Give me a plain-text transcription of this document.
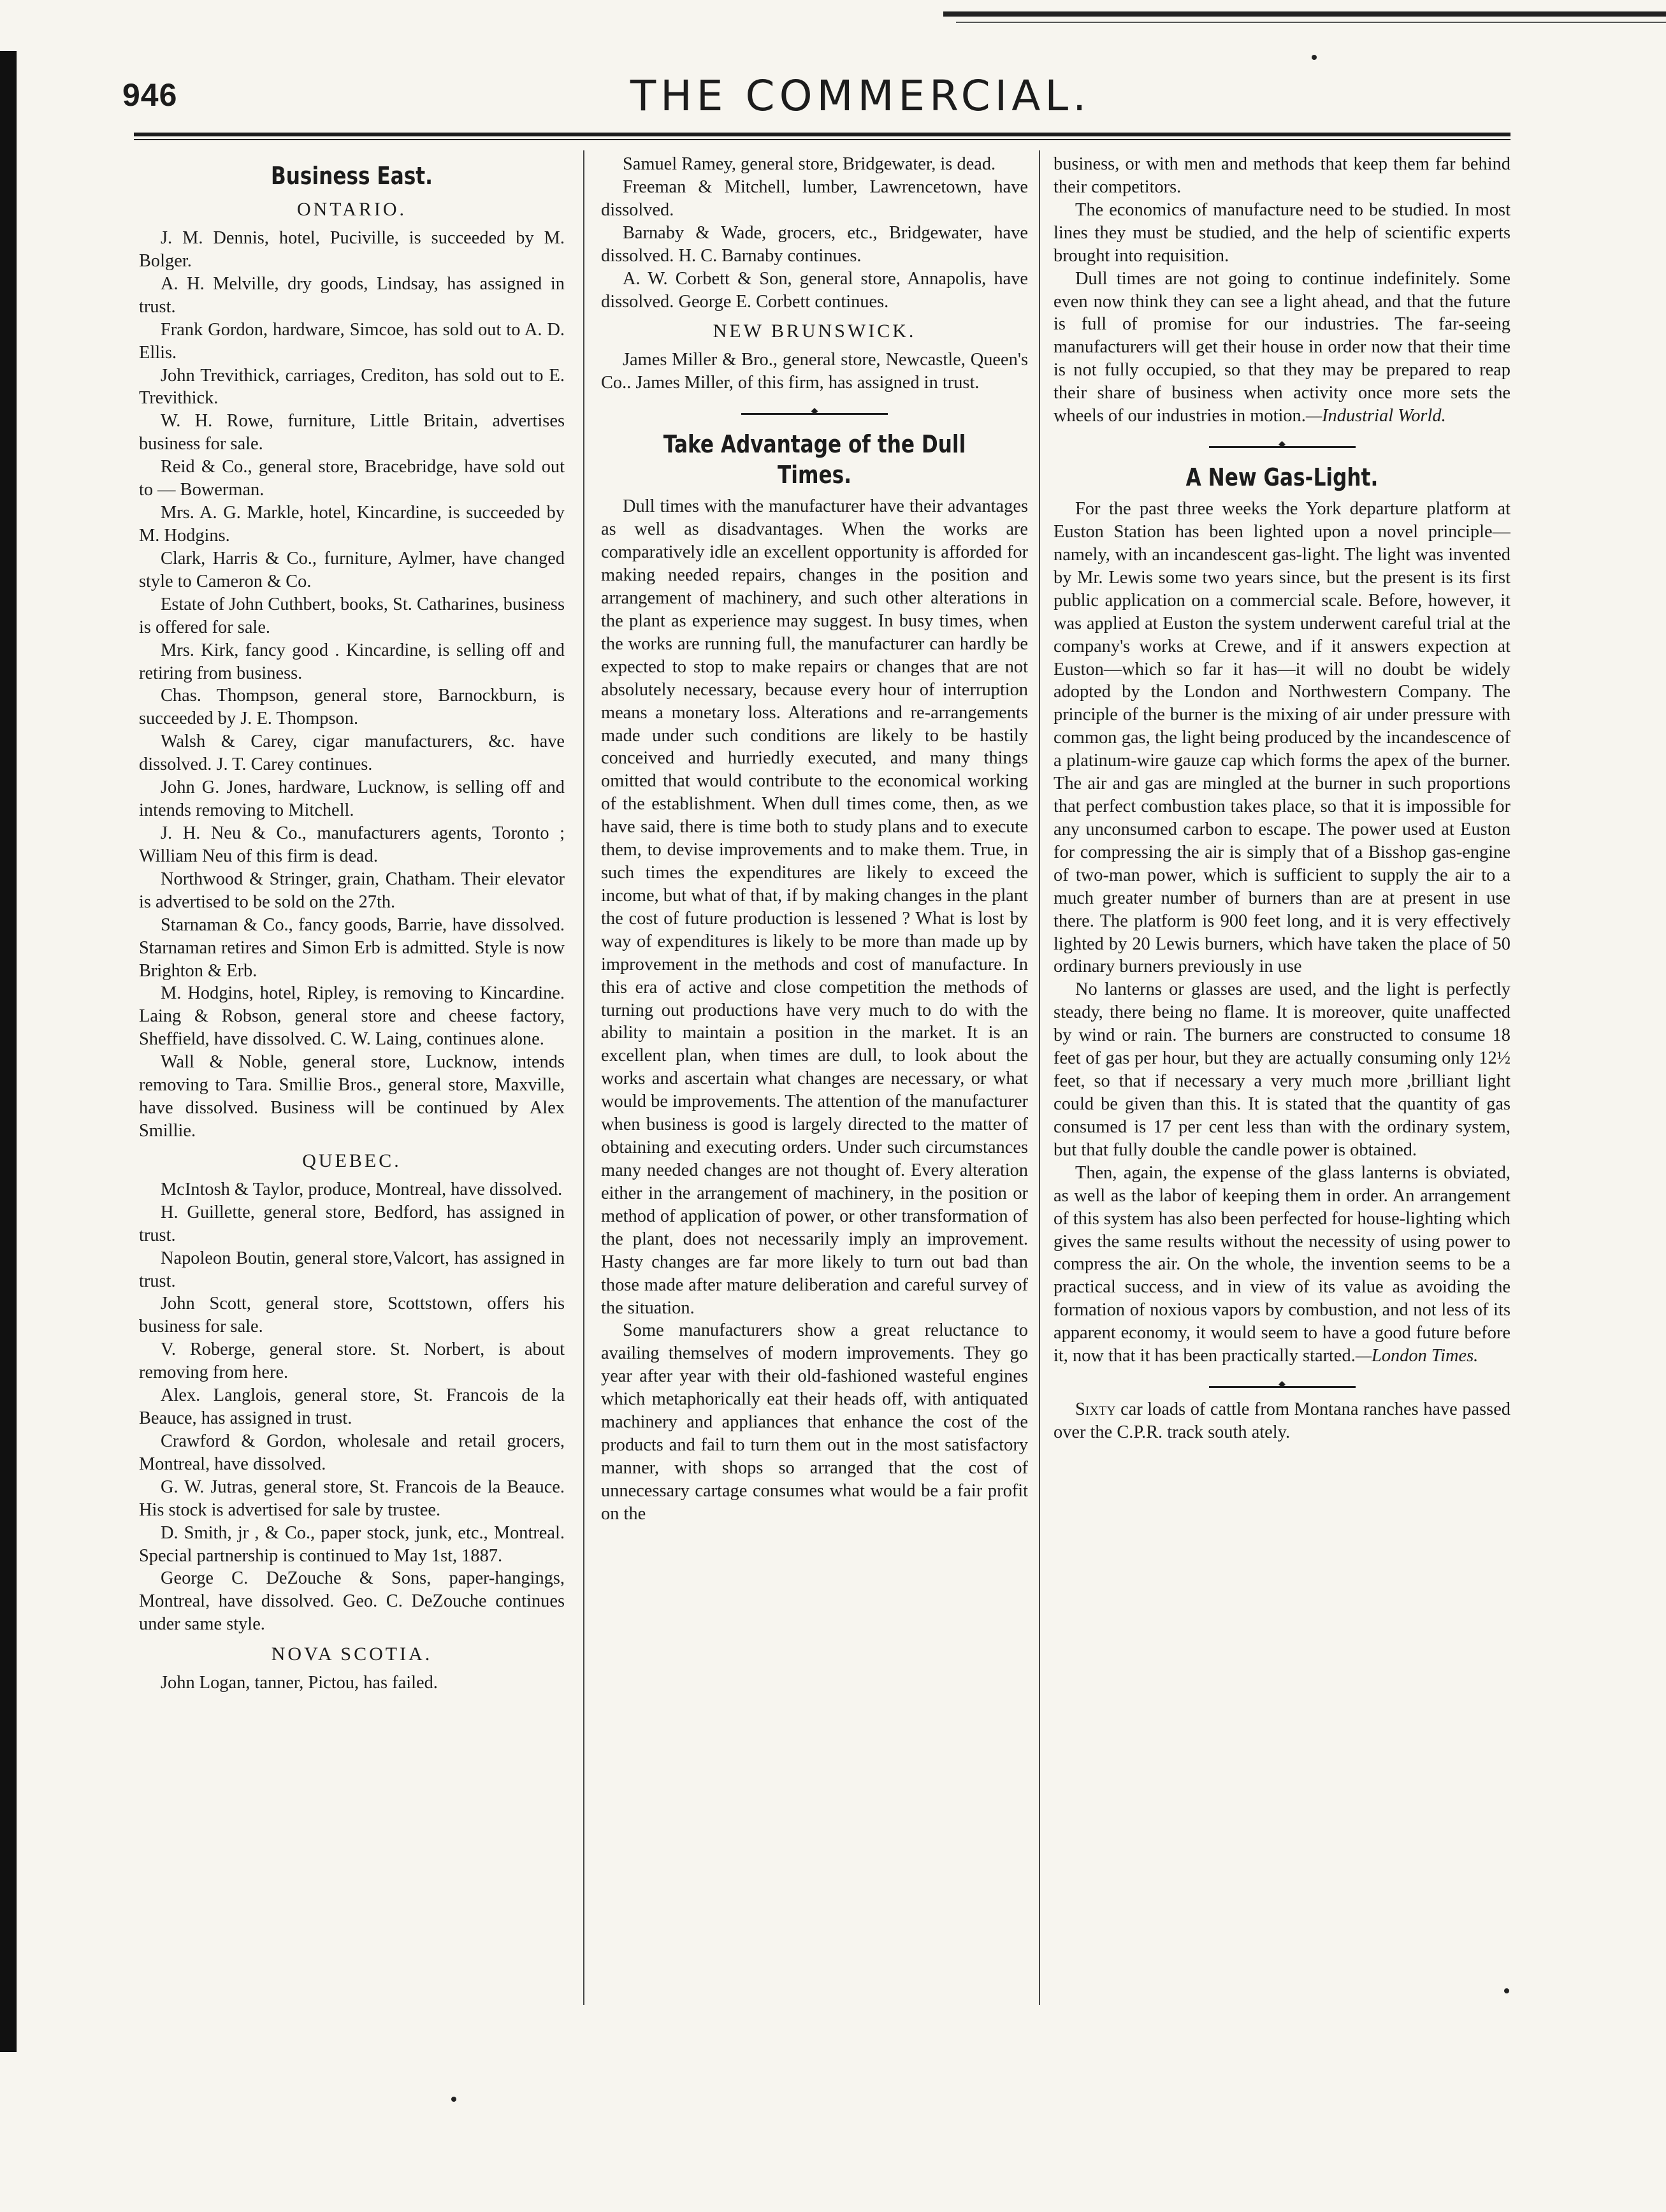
946	THE COMMERCIAL.
Business East.
ONTARIO.

J. M. Dennis, hotel, Puciville, is succeeded by M. Bolger.

A. H. Melville, dry goods, Lindsay, has assigned in trust.

Frank Gordon, hardware, Simcoe, has sold out to A. D. Ellis.

John Trevithick, carriages, Crediton, has sold out to E. Trevithick.

W. H. Rowe, furniture, Little Britain, advertises business for sale.

Reid & Co., general store, Bracebridge, have sold out to — Bowerman.

Mrs. A. G. Markle, hotel, Kincardine, is succeeded by M. Hodgins.

Clark, Harris & Co., furniture, Aylmer, have changed style to Cameron & Co.

Estate of John Cuthbert, books, St. Catharines, business is offered for sale.

Mrs. Kirk, fancy good . Kincardine, is selling off and retiring from business.

Chas. Thompson, general store, Barnockburn, is succeeded by J. E. Thompson.

Walsh & Carey, cigar manufacturers, &c. have dissolved. J. T. Carey continues.

John G. Jones, hardware, Lucknow, is selling off and intends removing to Mitchell.

J. H. Neu & Co., manufacturers agents, Toronto ; William Neu of this firm is dead.

Northwood & Stringer, grain, Chatham. Their elevator is advertised to be sold on the 27th.

Starnaman & Co., fancy goods, Barrie, have dissolved. Starnaman retires and Simon Erb is admitted. Style is now Brighton & Erb.

M. Hodgins, hotel, Ripley, is removing to Kincardine. Laing & Robson, general store and cheese factory, Sheffield, have dissolved. C. W. Laing, continues alone.

Wall & Noble, general store, Lucknow, intends removing to Tara. Smillie Bros., general store, Maxville, have dissolved. Business will be continued by Alex Smillie.

QUEBEC.

McIntosh & Taylor, produce, Montreal, have dissolved.

H. Guillette, general store, Bedford, has assigned in trust.

Napoleon Boutin, general store,Valcort, has assigned in trust.

John Scott, general store, Scottstown, offers his business for sale.

V. Roberge, general store. St. Norbert, is about removing from here.

Alex. Langlois, general store, St. Francois de la Beauce, has assigned in trust.

Crawford & Gordon, wholesale and retail grocers, Montreal, have dissolved.

G. W. Jutras, general store, St. Francois de la Beauce. His stock is advertised for sale by trustee.

D. Smith, jr , & Co., paper stock, junk, etc., Montreal. Special partnership is continued to May 1st, 1887.

George C. DeZouche & Sons, paper-hangings, Montreal, have dissolved. Geo. C. DeZouche continues under same style.

NOVA SCOTIA.

John Logan, tanner, Pictou, has failed.

Samuel Ramey, general store, Bridgewater, is dead.

Freeman & Mitchell, lumber, Lawrencetown, have dissolved.

Barnaby & Wade, grocers, etc., Bridgewater, have dissolved. H. C. Barnaby continues.

A. W. Corbett & Son, general store, Annapolis, have dissolved. George E. Corbett continues.

NEW BRUNSWICK.

James Miller & Bro., general store, Newcastle, Queen's Co.. James Miller, of this firm, has assigned in trust.

◆
Take Advantage of the Dull Times.

Dull times with the manufacturer have their advantages as well as disadvantages. When the works are comparatively idle an excellent opportunity is afforded for making needed repairs, changes in the position and arrangement of machinery, and such other alterations in the plant as experience may suggest. In busy times, when the works are running full, the manufacturer can hardly be expected to stop to make repairs or changes that are not absolutely necessary, because every hour of interruption means a monetary loss. Alterations and re-arrangements made under such conditions are likely to be hastily conceived and hurriedly executed, and many things omitted that would contribute to the economical working of the establishment. When dull times come, then, as we have said, there is time both to study plans and to execute them, to devise improvements and to make them. True, in such times the expenditures are likely to exceed the income, but what of that, if by making changes in the plant the cost of future production is lessened ? What is lost by way of expenditures is likely to be more than made up by improvement in the methods and cost of manufacture. In this era of active and close competition the methods of turning out productions have very much to do with the ability to maintain a position in the market. It is an excellent plan, when times are dull, to look about the works and ascertain what changes are necessary, or what would be improvements. The attention of the manufacturer when business is good is largely directed to the matter of obtaining and executing orders. Under such circumstances many needed changes are not thought of. Every alteration either in the arrangement of machinery, in the position or method of application of power, or other transformation of the plant, does not necessarily imply an improvement. Hasty changes are far more likely to turn out bad than those made after mature deliberation and careful survey of the situation.

Some manufacturers show a great reluctance to availing themselves of modern improvements. They go year after year with their old-fashioned wasteful engines which metaphorically eat their heads off, with antiquated machinery and appliances that enhance the cost of the products and fail to turn them out in the most satisfactory manner, with shops so arranged that the cost of unnecessary cartage consumes what would be a fair profit on the

business, or with men and methods that keep them far behind their competitors.

The economics of manufacture need to be studied. In most lines they must be studied, and the help of scientific experts brought into requisition.

Dull times are not going to continue indefinitely. Some even now think they can see a light ahead, and that the future is full of promise for our industries. The far-seeing manufacturers will get their house in order now that their time is not fully occupied, so that they may be prepared to reap their share of business when activity once more sets the wheels of our industries in motion.—Industrial World.

◆
A New Gas-Light.

For the past three weeks the York departure platform at Euston Station has been lighted upon a novel principle—namely, with an incandescent gas-light. The light was invented by Mr. Lewis some two years since, but the present is its first public application on a commercial scale. Before, however, it was applied at Euston the system underwent careful trial at the company's works at Crewe, and if it answers expection at Euston—which so far it has—it will no doubt be widely adopted by the London and Northwestern Company. The principle of the burner is the mixing of air under pressure with common gas, the light being produced by the incandescence of a platinum-wire gauze cap which forms the apex of the burner. The air and gas are mingled at the burner in such proportions that perfect combustion takes place, so that it is impossible for any unconsumed carbon to escape. The power used at Euston for compressing the air is simply that of a Bisshop gas-engine of two-man power, which is sufficient to supply the air to a much greater number of burners than are at present in use there. The platform is 900 feet long, and it is very effectively lighted by 20 Lewis burners, which have taken the place of 50 ordinary burners previously in use

No lanterns or glasses are used, and the light is perfectly steady, there being no flame. It is moreover, quite unaffected by wind or rain. The burners are constructed to consume 18 feet of gas per hour, but they are actually consuming only 12½ feet, so that if necessary a very much more ,brilliant light could be given than this. It is stated that the quantity of gas consumed is 17 per cent less than with the ordinary system, but that fully double the candle power is obtained.

Then, again, the expense of the glass lanterns is obviated, as well as the labor of keeping them in order. An arrangement of this system has also been perfected for house-lighting which gives the same results without the necessity of using power to compress the air. On the whole, the invention seems to be a practical success, and in view of its value as avoiding the formation of noxious vapors by combustion, and not less of its apparent economy, it would seem to have a good future before it, now that it has been practically started.—London Times.

◆

Sixty car loads of cattle from Montana ranches have passed over the C.P.R. track south ately.
